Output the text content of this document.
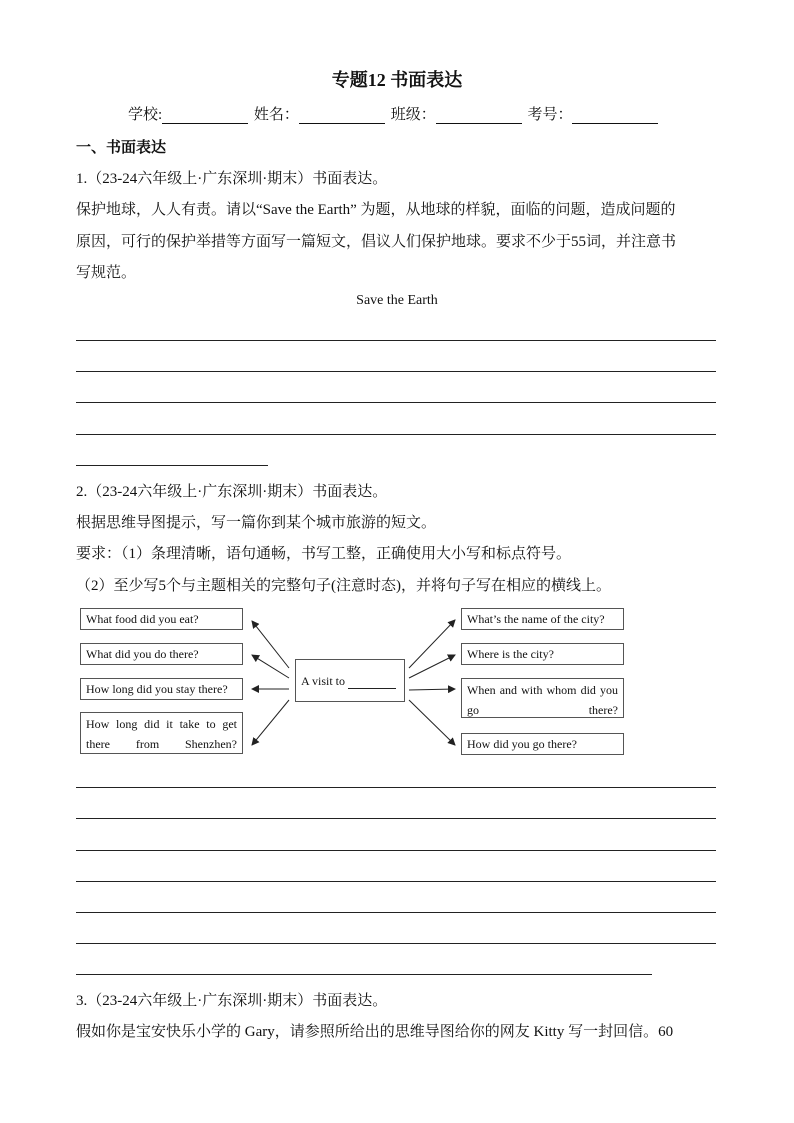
专题12 书面表达
学校:	姓名：	班级：	考号：
一、书面表达
1.（23-24六年级上·广东深圳·期末）书面表达。
保护地球，人人有责。请以“Save the Earth” 为题，从地球的样貌，面临的问题，造成问题的
原因，可行的保护举措等方面写一篇短文，倡议人们保护地球。要求不少于55词，并注意书
写规范。
Save the Earth
2.（23-24六年级上·广东深圳·期末）书面表达。
根据思维导图提示，写一篇你到某个城市旅游的短文。
要求：（1）条理清晰，语句通畅，书写工整，正确使用大小写和标点符号。
（2）至少写5个与主题相关的完整句子(注意时态)，并将句子写在相应的横线上。
What food did you eat?
What did you do there?
How long did you stay there?
How long did it take to get there from Shenzhen?
A visit to
What’s the name of the city?
Where is the city?
When and with whom did you go there?
How did you go there?
3.（23-24六年级上·广东深圳·期末）书面表达。
假如你是宝安快乐小学的 Gary，请参照所给出的思维导图给你的网友 Kitty 写一封回信。60
